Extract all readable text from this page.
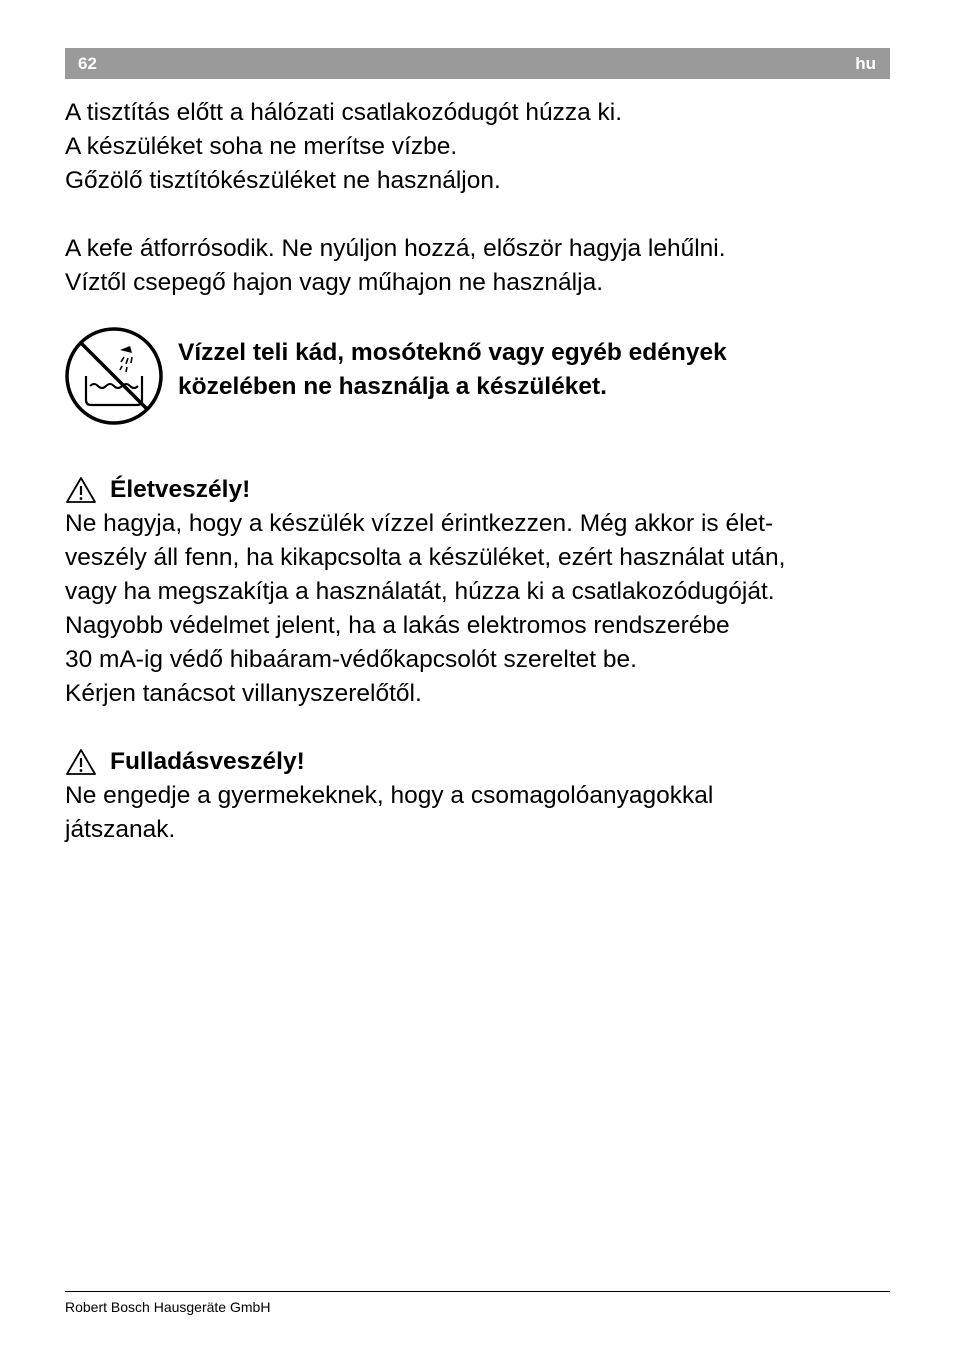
62	hu
A tisztítás előtt a hálózati csatlakozódugót húzza ki.
A készüléket soha ne merítse vízbe.
Gőzölő tisztítókészüléket ne használjon.
A kefe átforrósodik. Ne nyúljon hozzá, először hagyja lehűlni.
Víztől csepegő hajon vagy műhajon ne használja.
Vízzel teli kád, mosóteknő vagy egyéb edények
közelében ne használja a készüléket.
Életveszély!
Ne hagyja, hogy a készülék vízzel érintkezzen. Még akkor is élet-
veszély áll fenn, ha kikapcsolta a készüléket, ezért használat után,
vagy ha megszakítja a használatát, húzza ki a csatlakozódugóját.
Nagyobb védelmet jelent, ha a lakás elektromos rendszerébe
30 mA-ig védő hibaáram-védőkapcsolót szereltet be.
Kérjen tanácsot villanyszerelőtől.
Fulladásveszély!
Ne engedje a gyermekeknek, hogy a csomagolóanyagokkal
játszanak.
Robert Bosch Hausgeräte GmbH
